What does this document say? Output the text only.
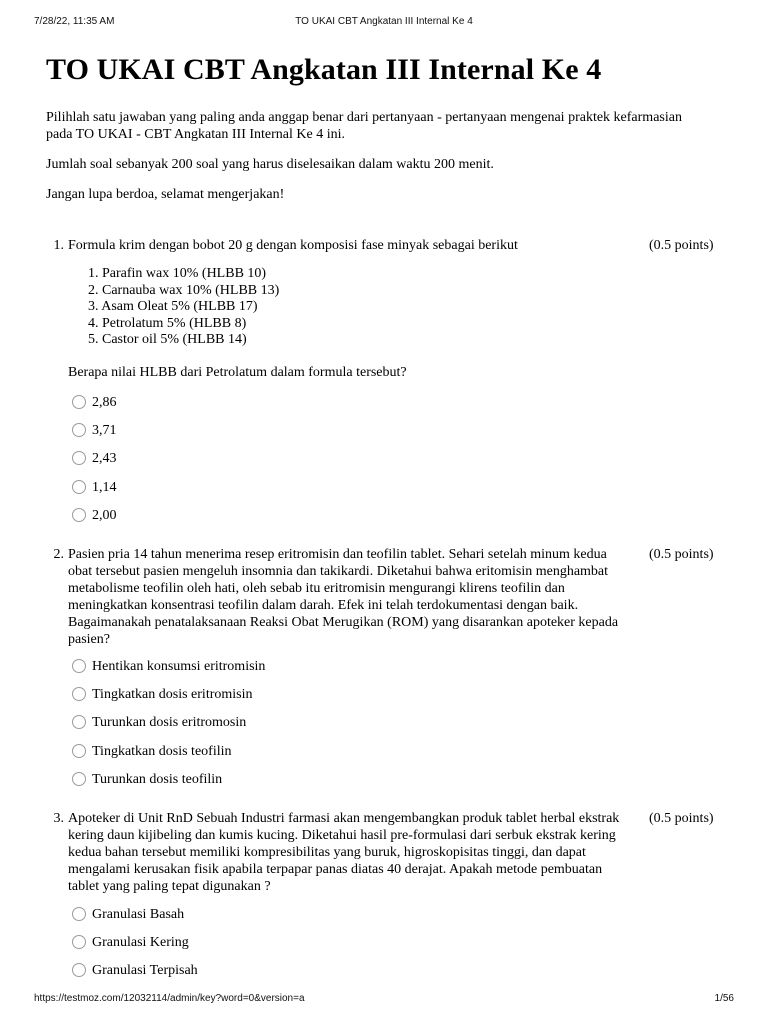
7/28/22, 11:35 AM	TO UKAI CBT Angkatan III Internal Ke 4
TO UKAI CBT Angkatan III Internal Ke 4

Pilihlah satu jawaban yang paling anda anggap benar dari pertanyaan - pertanyaan mengenai praktek kefarmasian pada TO UKAI - CBT Angkatan III Internal Ke 4 ini.

Jumlah soal sebanyak 200 soal yang harus diselesaikan dalam waktu 200 menit.

Jangan lupa berdoa, selamat mengerjakan!

1. Formula krim dengan bobot 20 g dengan komposisi fase minyak sebagai berikut	(0.5 points)
1. Parafin wax 10% (HLBB 10)
2. Carnauba wax 10% (HLBB 13)
3. Asam Oleat 5% (HLBB 17)
4. Petrolatum 5% (HLBB 8)
5. Castor oil 5% (HLBB 14)

Berapa nilai HLBB dari Petrolatum dalam formula tersebut?

2,86
3,71
2,43
1,14
2,00
2. Pasien pria 14 tahun menerima resep eritromisin dan teofilin tablet. Sehari setelah minum kedua obat tersebut pasien mengeluh insomnia dan takikardi. Diketahui bahwa eritomisin menghambat metabolisme teofilin oleh hati, oleh sebab itu eritromisin mengurangi klirens teofilin dan meningkatkan konsentrasi teofilin dalam darah. Efek ini telah terdokumentasi dengan baik. Bagaimanakah penatalaksanaan Reaksi Obat Merugikan (ROM) yang disarankan apoteker kepada pasien?

(0.5 points)
Hentikan konsumsi eritromisin
Tingkatkan dosis eritromisin
Turunkan dosis eritromosin
Tingkatkan dosis teofilin
Turunkan dosis teofilin
3. Apoteker di Unit RnD Sebuah Industri farmasi akan mengembangkan produk tablet herbal ekstrak kering daun kijibeling dan kumis kucing. Diketahui hasil pre-formulasi dari serbuk ekstrak kering kedua bahan tersebut memiliki kompresibilitas yang buruk, higroskopisitas tinggi, dan dapat mengalami kerusakan fisik apabila terpapar panas diatas 40 derajat. Apakah metode pembuatan tablet yang paling tepat digunakan ?

(0.5 points)
Granulasi Basah
Granulasi Kering
Granulasi Terpisah
https://testmoz.com/12032114/admin/key?word=0&version=a	1/56
